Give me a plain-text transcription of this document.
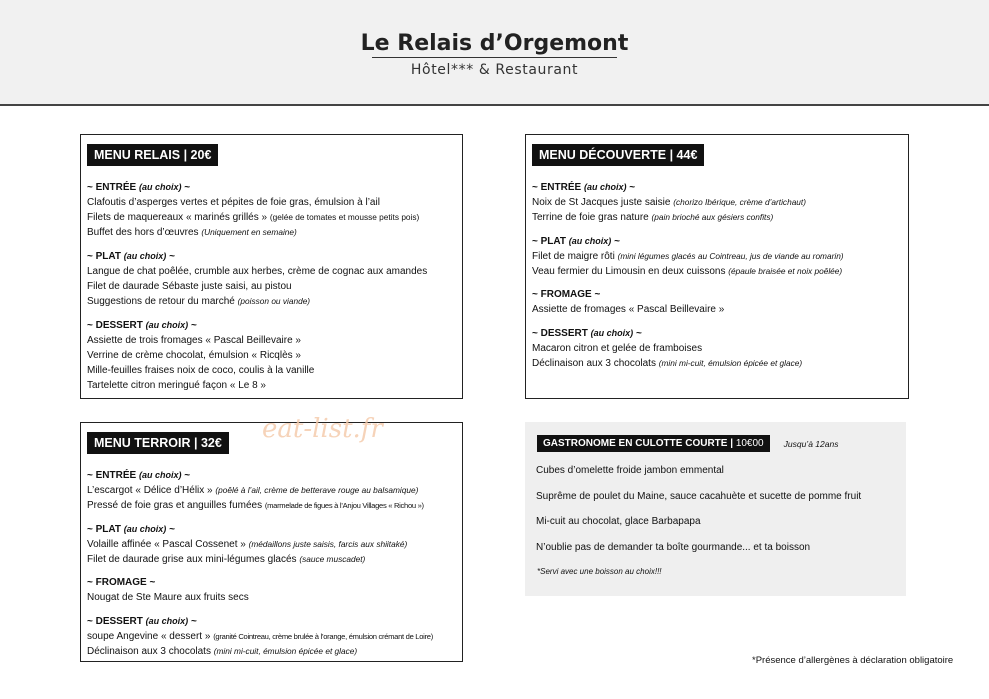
Le Relais d’Orgemont
Hôtel*** & Restaurant
MENU RELAIS | 20€
~ ENTRÉE (au choix) ~
Clafoutis d’asperges vertes et pépites de foie gras, émulsion à l’ail
Filets de maquereaux « marinés grillés » (gelée de tomates et mousse petits pois)
Buffet des hors d’œuvres (Uniquement en semaine)
~ PLAT (au choix) ~
Langue de chat poêlée, crumble aux herbes, crème de cognac aux amandes
Filet de daurade Sébaste juste saisi, au pistou
Suggestions de retour du marché (poisson ou viande)
~ DESSERT (au choix) ~
Assiette de trois fromages « Pascal Beillevaire »
Verrine de crème chocolat, émulsion « Ricqlès »
Mille-feuilles fraises noix de coco, coulis à la vanille
Tartelette citron meringué façon « Le 8 »
MENU DÉCOUVERTE | 44€
~ ENTRÉE (au choix) ~
Noix de St Jacques juste saisie (chorizo Ibérique, crème d’artichaut)
Terrine de foie gras nature (pain brioché aux gésiers confits)
~ PLAT (au choix) ~
Filet de maigre rôti (mini légumes glacés au Cointreau, jus de viande au romarin)
Veau fermier du Limousin en deux cuissons (épaule braisée et noix poêlée)
~ FROMAGE ~
Assiette de fromages « Pascal Beillevaire »
~ DESSERT (au choix) ~
Macaron citron et gelée de framboises
Déclinaison aux 3 chocolats (mini mi-cuit, émulsion épicée et glace)
MENU TERROIR | 32€
~ ENTRÉE (au choix) ~
L’escargot « Délice d’Hélix » (poêlé à l’ail, crème de betterave rouge au balsamique)
Pressé de foie gras et anguilles fumées (marmelade de figues à l’Anjou Villages « Richou »)
~ PLAT (au choix) ~
Volaille affinée « Pascal Cossenet » (médaillons juste saisis, farcis aux shiitaké)
Filet de daurade grise aux mini-légumes glacés (sauce muscadet)
~ FROMAGE ~
Nougat de Ste Maure aux fruits secs
~ DESSERT (au choix) ~
soupe Angevine « dessert » (granité Cointreau, crème brulée à l’orange, émulsion crémant de Loire)
Déclinaison aux 3 chocolats (mini mi-cuit, émulsion épicée et glace)
GASTRONOME EN CULOTTE COURTE | 10€00	Jusqu’à 12ans
Cubes d’omelette froide jambon emmental
Suprême de poulet du Maine, sauce cacahuète et sucette de pomme fruit
Mi-cuit au chocolat, glace Barbapapa
N’oublie pas de demander ta boîte gourmande... et ta boisson
*Servi avec une boisson au choix!!!
eat-list.fr
*Présence d’allergènes à déclaration obligatoire
